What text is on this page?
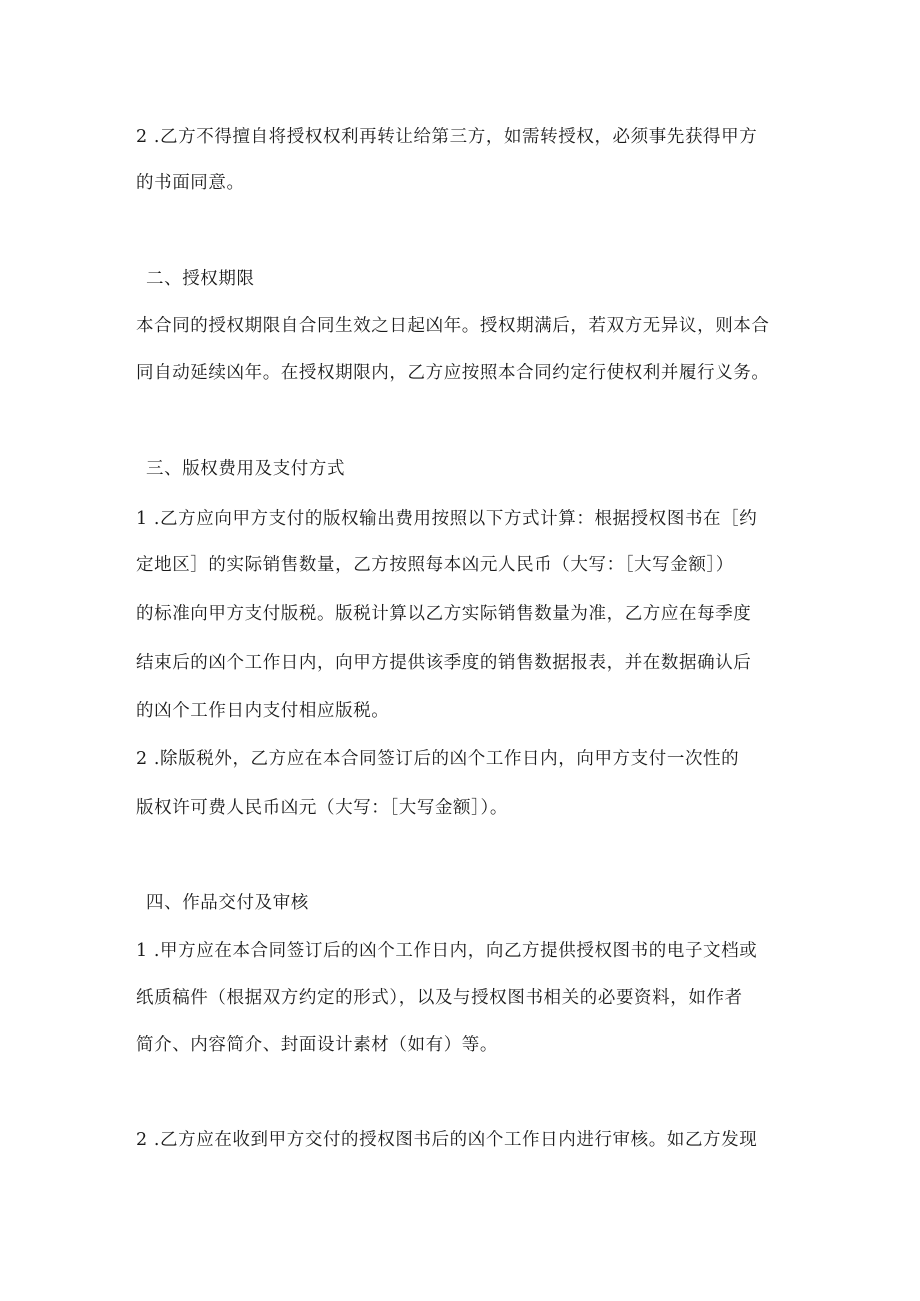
2 .乙方不得擅自将授权权利再转让给第三方，如需转授权，必须事先获得甲方
的书面同意。
二、授权期限
本合同的授权期限自合同生效之日起凶年。授权期满后，若双方无异议，则本合
同自动延续凶年。在授权期限内，乙方应按照本合同约定行使权利并履行义务。
三、版权费用及支付方式
1 .乙方应向甲方支付的版权输出费用按照以下方式计算：根据授权图书在［约
定地区］的实际销售数量，乙方按照每本凶元人民币（大写：［大写金额］）
的标准向甲方支付版税。版税计算以乙方实际销售数量为准，乙方应在每季度
结束后的凶个工作日内，向甲方提供该季度的销售数据报表，并在数据确认后
的凶个工作日内支付相应版税。
2 .除版税外，乙方应在本合同签订后的凶个工作日内，向甲方支付一次性的
版权许可费人民币凶元（大写：［大写金额］）。
四、作品交付及审核
1 .甲方应在本合同签订后的凶个工作日内，向乙方提供授权图书的电子文档或
纸质稿件（根据双方约定的形式），以及与授权图书相关的必要资料，如作者
简介、内容简介、封面设计素材（如有）等。
2 .乙方应在收到甲方交付的授权图书后的凶个工作日内进行审核。如乙方发现
